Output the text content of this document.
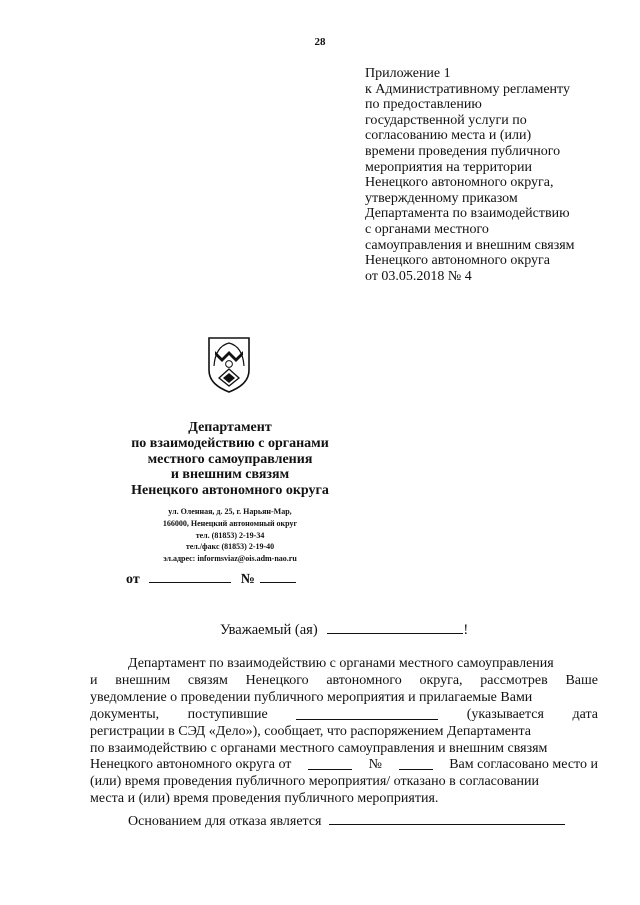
28
Приложение 1
к Административному регламенту
по предоставлению
государственной услуги по
согласованию места и (или)
времени проведения публичного
мероприятия на территории
Ненецкого автономного округа,
утвержденному приказом
Департамента по взаимодействию
с органами местного
самоуправления и внешним связям
Ненецкого автономного округа
от 03.05.2018 № 4
Департамент
по взаимодействию с органами
местного самоуправления
и внешним связям
Ненецкого автономного округа
ул. Оленная, д. 25, г. Нарьян-Мар,
166000, Ненецкий автономный округ
тел. (81853) 2-19-34
тел./факс (81853) 2-19-40
эл.адрес: informsviaz@ois.adm-nao.ru
от	№
Уважаемый (ая)	!
Департамент по взаимодействию с органами местного самоуправления
и внешним связям Ненецкого автономного округа, рассмотрев Ваше
уведомление о проведении публичного мероприятия и прилагаемые Вами
документы, поступившие	(указывается дата
регистрации в СЭД «Дело»), сообщает, что распоряжением Департамента
по взаимодействию с органами местного самоуправления и внешним связям
Ненецкого автономного округа от	№	Вам согласовано место и
(или) время проведения публичного мероприятия/ отказано в согласовании
места и (или) время проведения публичного мероприятия.
Основанием для отказа является
